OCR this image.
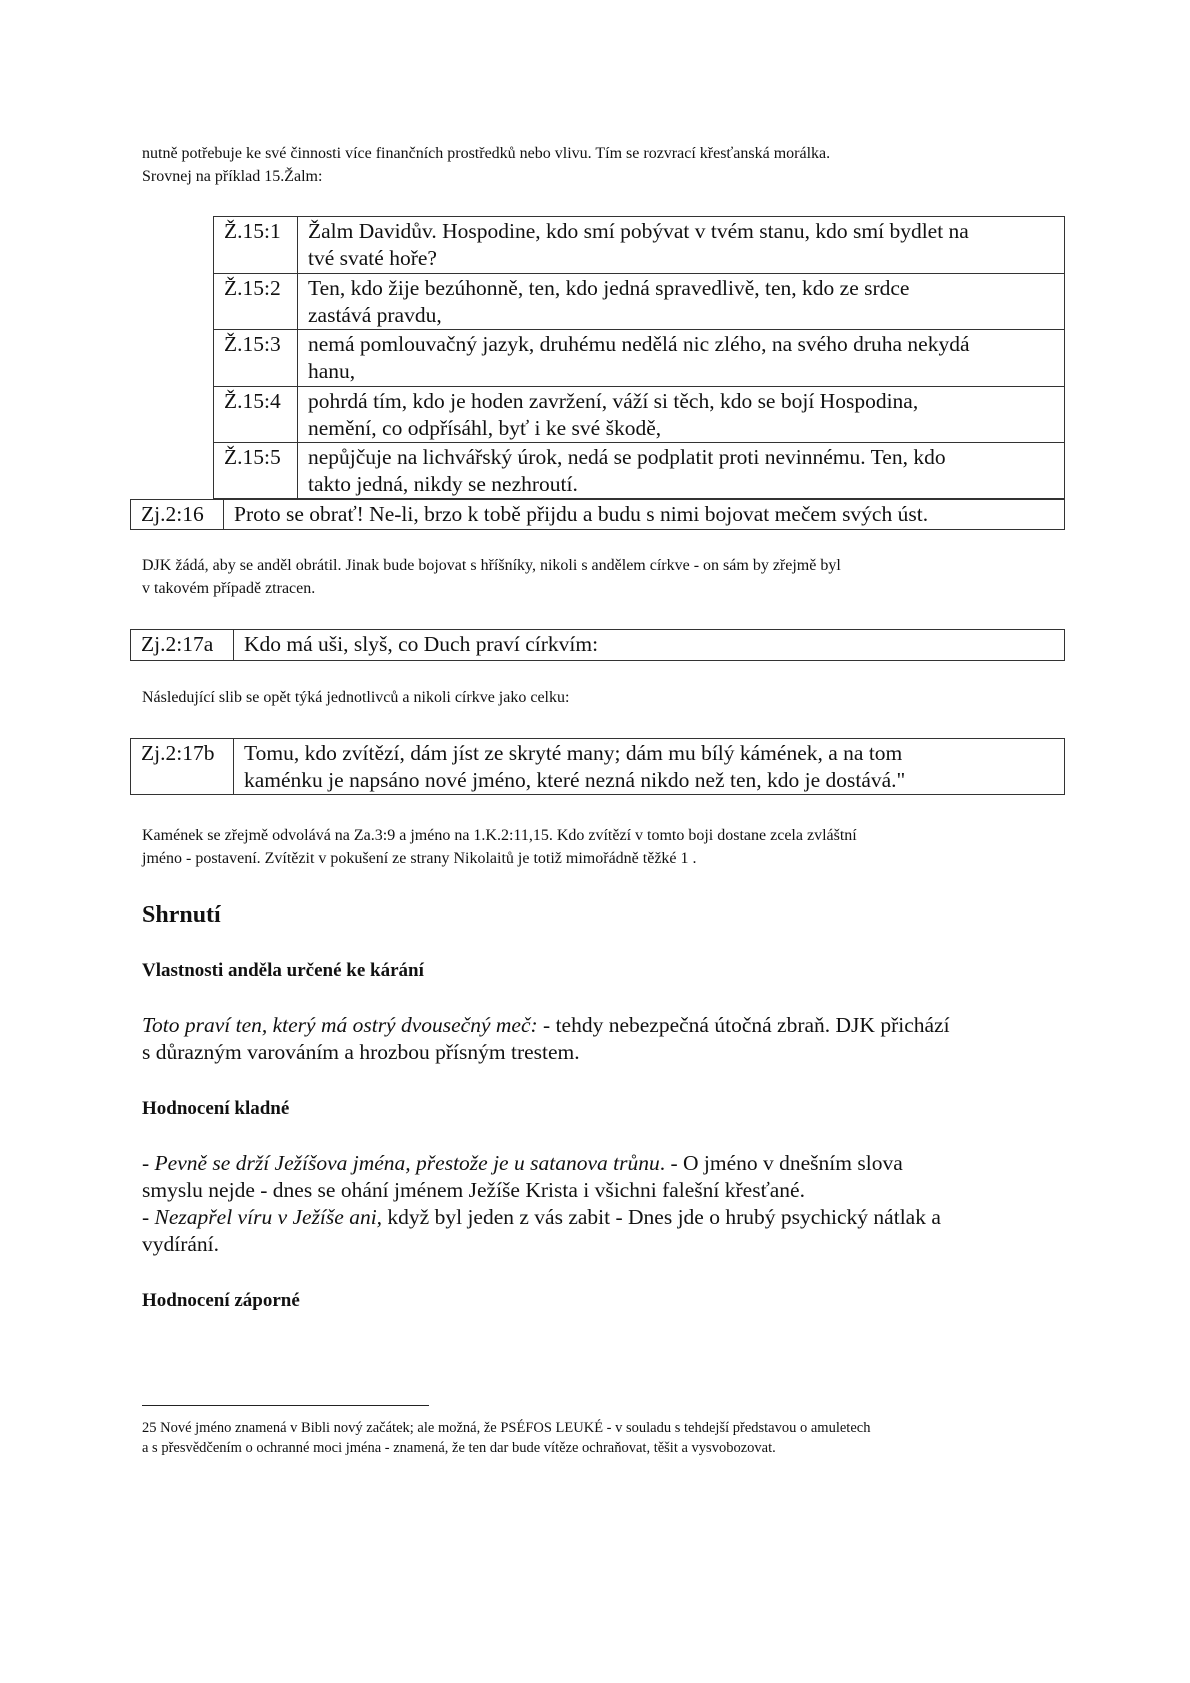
nutně potřebuje ke své činnosti více finančních prostředků nebo vlivu. Tím se rozvrací křesťanská morálka.
Srovnej na příklad 15.Žalm:
Ž.15:1	Žalm Davidův. Hospodine, kdo smí pobývat v tvém stanu, kdo smí bydlet na
tvé svaté hoře?
Ž.15:2	Ten, kdo žije bezúhonně, ten, kdo jedná spravedlivě, ten, kdo ze srdce
zastává pravdu,
Ž.15:3	nemá pomlouvačný jazyk, druhému nedělá nic zlého, na svého druha nekydá
hanu,
Ž.15:4	pohrdá tím, kdo je hoden zavržení, váží si těch, kdo se bojí Hospodina,
nemění, co odpřísáhl, byť i ke své škodě,
Ž.15:5	nepůjčuje na lichvářský úrok, nedá se podplatit proti nevinnému. Ten, kdo
takto jedná, nikdy se nezhroutí.
Zj.2:16	Proto se obrať! Ne-li, brzo k tobě přijdu a budu s nimi bojovat mečem svých úst.
DJK žádá, aby se anděl obrátil. Jinak bude bojovat s hříšníky, nikoli s andělem církve - on sám by zřejmě byl
v takovém případě ztracen.
Zj.2:17a	Kdo má uši, slyš, co Duch praví církvím:
Následující slib se opět týká jednotlivců a nikoli církve jako celku:
Zj.2:17b	Tomu, kdo zvítězí, dám jíst ze skryté many; dám mu bílý kámének, a na tom
kaménku je napsáno nové jméno, které nezná nikdo než ten, kdo je dostává."
Kamének se zřejmě odvolává na Za.3:9 a jméno na 1.K.2:11,15. Kdo zvítězí v tomto boji dostane zcela zvláštní
jméno - postavení. Zvítězit v pokušení ze strany Nikolaitů je totiž mimořádně těžké 1 .
Shrnutí
Vlastnosti anděla určené ke kárání
Toto praví ten, který má ostrý dvousečný meč: - tehdy nebezpečná útočná zbraň. DJK přichází
s důrazným varováním a hrozbou přísným trestem.
Hodnocení kladné
- Pevně se drží Ježíšova jména, přestože je u satanova trůnu. - O jméno v dnešním slova
smyslu nejde - dnes se ohání jménem Ježíše Krista i všichni falešní křesťané.
- Nezapřel víru v Ježíše ani, když byl jeden z vás zabit - Dnes jde o hrubý psychický nátlak a
vydírání.
Hodnocení záporné
25 Nové jméno znamená v Bibli nový začátek; ale možná, že PSÉFOS LEUKÉ - v souladu s tehdejší představou o amuletech
a s přesvědčením o ochranné moci jména - znamená, že ten dar bude vítěze ochraňovat, těšit a vysvobozovat.
